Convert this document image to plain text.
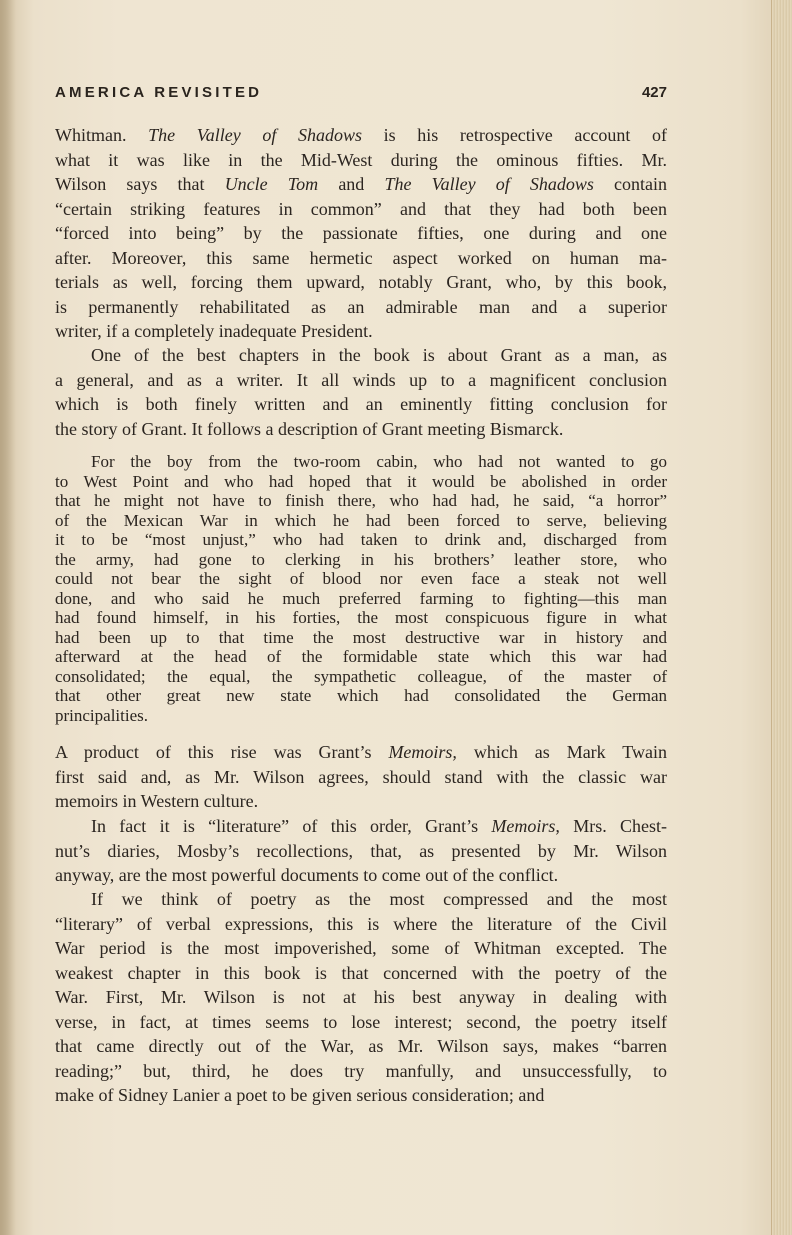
AMERICA REVISITED	427
Whitman. The Valley of Shadows is his retrospective account of
what it was like in the Mid-West during the ominous fifties. Mr.
Wilson says that Uncle Tom and The Valley of Shadows contain
“certain striking features in common” and that they had both been
“forced into being” by the passionate fifties, one during and one
after. Moreover, this same hermetic aspect worked on human ma-
terials as well, forcing them upward, notably Grant, who, by this book,
is permanently rehabilitated as an admirable man and a superior
writer, if a completely inadequate President.
One of the best chapters in the book is about Grant as a man, as
a general, and as a writer. It all winds up to a magnificent conclusion
which is both finely written and an eminently fitting conclusion for
the story of Grant. It follows a description of Grant meeting Bismarck.
For the boy from the two-room cabin, who had not wanted to go
to West Point and who had hoped that it would be abolished in order
that he might not have to finish there, who had had, he said, “a horror”
of the Mexican War in which he had been forced to serve, believing
it to be “most unjust,” who had taken to drink and, discharged from
the army, had gone to clerking in his brothers’ leather store, who
could not bear the sight of blood nor even face a steak not well
done, and who said he much preferred farming to fighting—this man
had found himself, in his forties, the most conspicuous figure in what
had been up to that time the most destructive war in history and
afterward at the head of the formidable state which this war had
consolidated; the equal, the sympathetic colleague, of the master of
that other great new state which had consolidated the German
principalities.
A product of this rise was Grant’s Memoirs, which as Mark Twain
first said and, as Mr. Wilson agrees, should stand with the classic war
memoirs in Western culture.
In fact it is “literature” of this order, Grant’s Memoirs, Mrs. Chest-
nut’s diaries, Mosby’s recollections, that, as presented by Mr. Wilson
anyway, are the most powerful documents to come out of the conflict.
If we think of poetry as the most compressed and the most
“literary” of verbal expressions, this is where the literature of the Civil
War period is the most impoverished, some of Whitman excepted. The
weakest chapter in this book is that concerned with the poetry of the
War. First, Mr. Wilson is not at his best anyway in dealing with
verse, in fact, at times seems to lose interest; second, the poetry itself
that came directly out of the War, as Mr. Wilson says, makes “barren
reading;” but, third, he does try manfully, and unsuccessfully, to
make of Sidney Lanier a poet to be given serious consideration; and
